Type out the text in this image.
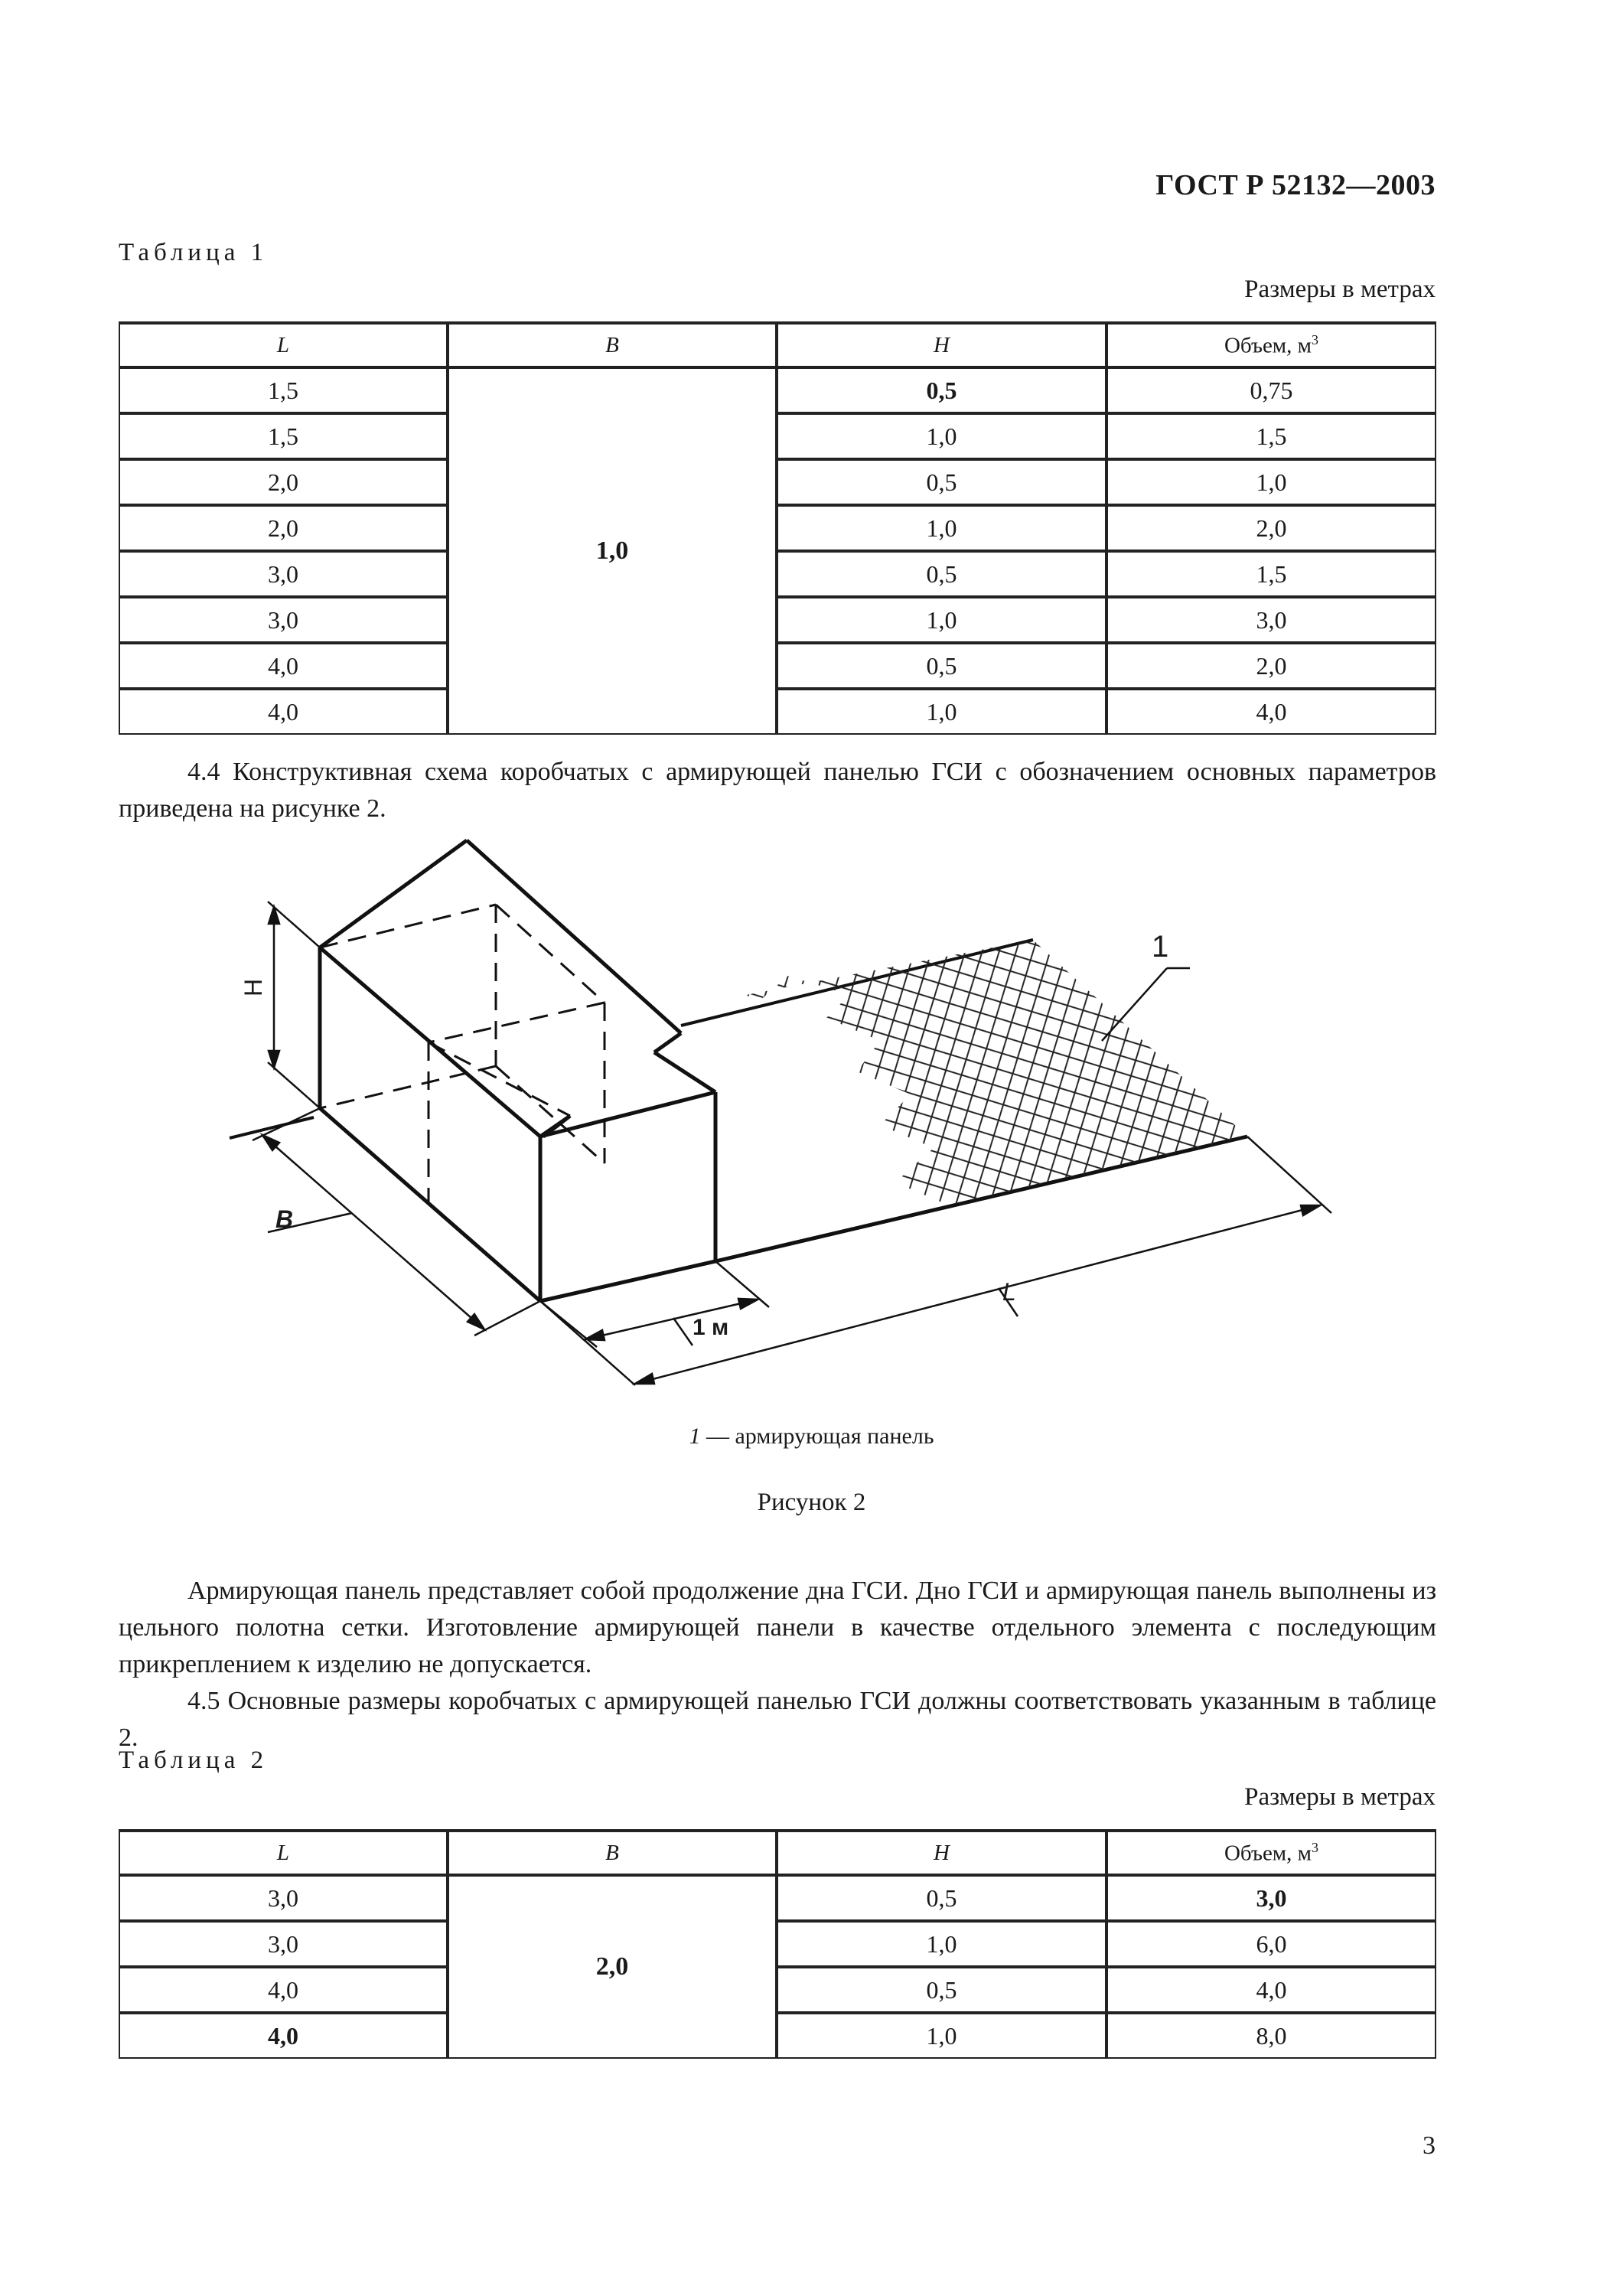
ГОСТ Р 52132—2003
Таблица 1
Размеры в метрах
L	B	H	Объем, $м^3$
1,5	1,0	0,5	0,75
1,5		1,0	1,5
2,0		0,5	1,0
2,0		1,0	2,0
3,0		0,5	1,5
3,0		1,0	3,0
4,0		0,5	2,0
4,0		1,0	4,0
4.4 Конструктивная схема коробчатых с армирующей панелью ГСИ с обозначением основных параметров приведена на рисунке 2.
H
B
L
1 м
1
1 — армирующая панель
Рисунок 2
Армирующая панель представляет собой продолжение дна ГСИ. Дно ГСИ и армирующая панель выполнены из цельного полотна сетки. Изготовление армирующей панели в качестве отдельного элемента с последующим прикреплением к изделию не допускается.
4.5 Основные размеры коробчатых с армирующей панелью ГСИ должны соответствовать указанным в таблице 2.
Таблица 2
Размеры в метрах
L	B	H	Объем, $м^3$
3,0	2,0	0,5	3,0
3,0		1,0	6,0
4,0		0,5	4,0
4,0		1,0	8,0
3
